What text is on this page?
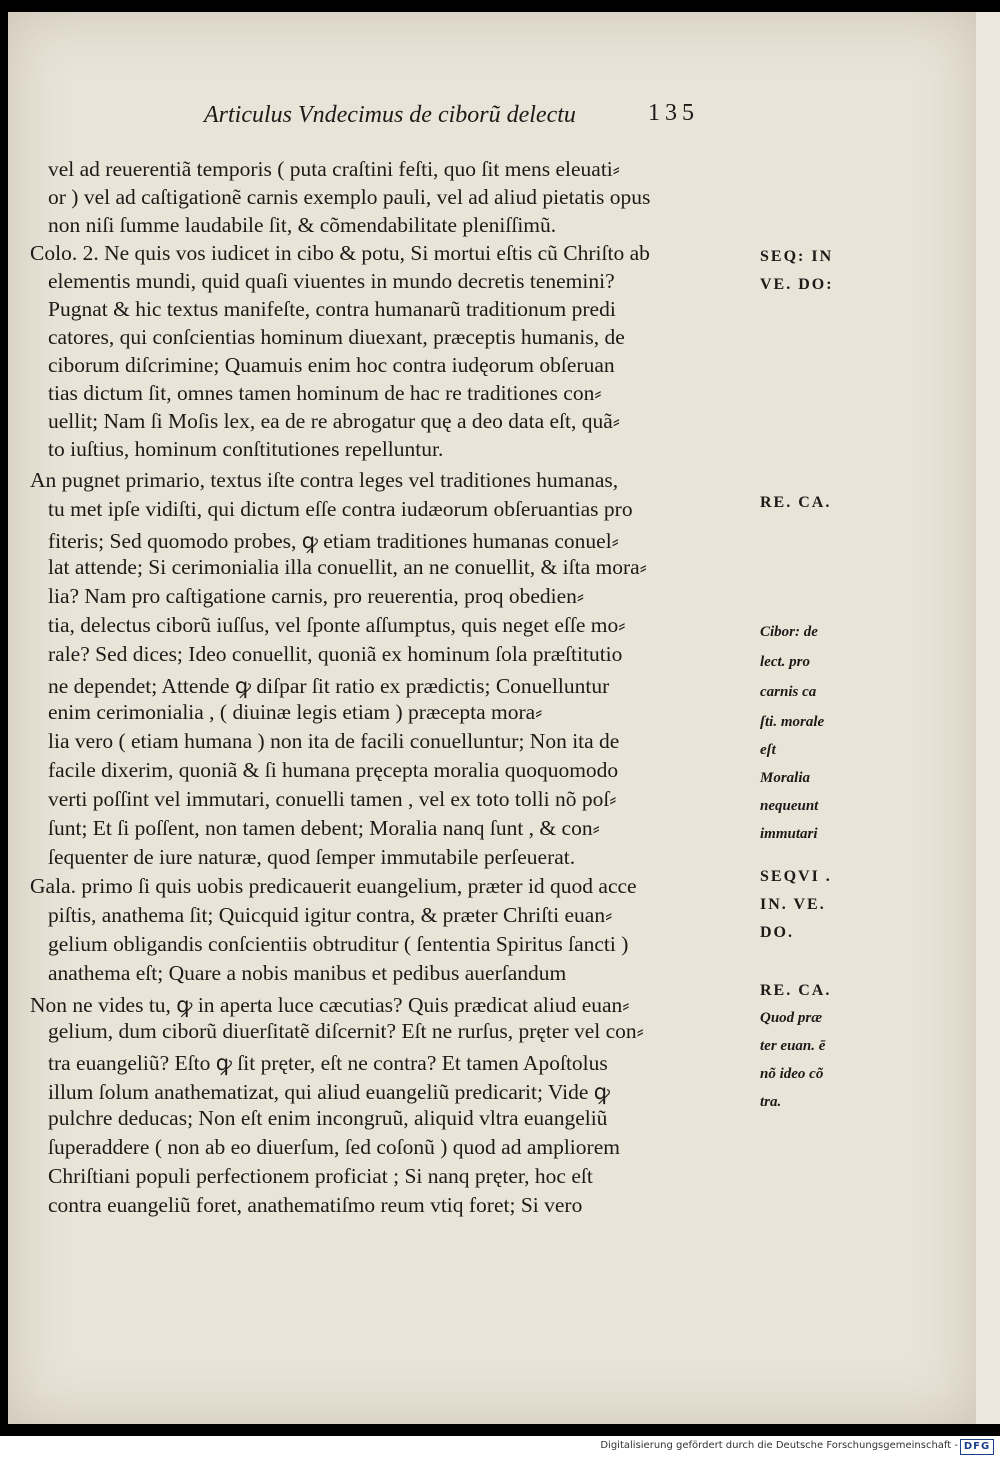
Articulus Vndecimus de ciborũ delectu	135
vel ad reuerentiã temporis ( puta craſtini feſti, quo ſit mens eleuati⸗
or ) vel ad caſtigationẽ carnis exemplo pauli, vel ad aliud pietatis opus
non niſi ſumme laudabile ſit, & cõmendabilitate pleniſſimũ.
Colo. 2. Ne quis vos iudicet in cibo & potu, Si mortui eſtis cũ Chriſto ab
elementis mundi, quid quaſi viuentes in mundo decretis tenemini?
Pugnat & hic textus manifeſte, contra humanarũ traditionum predi
catores, qui conſcientias hominum diuexant, præceptis humanis, de
ciborum diſcrimine; Quamuis enim hoc contra iudęorum obſeruan
tias dictum ſit, omnes tamen hominum de hac re traditiones con⸗
uellit; Nam ſi Moſis lex, ea de re abrogatur quę a deo data eſt, quã⸗
to iuſtius, hominum conſtitutiones repelluntur.
An pugnet primario, textus iſte contra leges vel traditiones humanas,
tu met ipſe vidiſti, qui dictum eſſe contra iudæorum obſeruantias pro
fiteris; Sed quomodo probes, ꝙ etiam traditiones humanas conuel⸗
lat attende; Si cerimonialia illa conuellit, an ne conuellit, & iſta mora⸗
lia? Nam pro caſtigatione carnis, pro reuerentia, proq obedien⸗
tia, delectus ciborũ iuſſus, vel ſponte aſſumptus, quis neget eſſe mo⸗
rale? Sed dices; Ideo conuellit, quoniã ex hominum ſola præſtitutio
ne dependet; Attende ꝙ diſpar ſit ratio ex prædictis; Conuelluntur
enim cerimonialia , ( diuinæ legis etiam ) præcepta mora⸗
lia vero ( etiam humana ) non ita de facili conuelluntur; Non ita de
facile dixerim, quoniã & ſi humana pręcepta moralia quoquomodo
verti poſſint vel immutari, conuelli tamen , vel ex toto tolli nõ poſ⸗
ſunt; Et ſi poſſent, non tamen debent; Moralia nanq ſunt , & con⸗
ſequenter de iure naturæ, quod ſemper immutabile perſeuerat.
Gala. primo ſi quis uobis predicauerit euangelium, præter id quod acce
piſtis, anathema ſit; Quicquid igitur contra, & præter Chriſti euan⸗
gelium obligandis conſcientiis obtruditur ( ſententia Spiritus ſancti )
anathema eſt; Quare a nobis manibus et pedibus auerſandum
Non ne vides tu, ꝙ in aperta luce cæcutias? Quis prædicat aliud euan⸗
gelium, dum ciborũ diuerſitatẽ diſcernit? Eſt ne rurſus, pręter vel con⸗
tra euangeliũ? Eſto ꝙ ſit pręter, eſt ne contra? Et tamen Apoſtolus
illum ſolum anathematizat, qui aliud euangeliũ predicarit; Vide ꝙ
pulchre deducas; Non eſt enim incongruũ, aliquid vltra euangeliũ
ſuperaddere ( non ab eo diuerſum, ſed coſonũ ) quod ad ampliorem
Chriſtiani populi perfectionem proficiat ; Si nanq pręter, hoc eſt
contra euangeliũ foret, anathematiſmo reum vtiq foret; Si vero
SEQ: IN
VE. DO:
RE. CA.
Cibor: de
lect. pro
carnis ca
ſti. morale
eſt
Moralia
nequeunt
immutari
SEQVI .
IN. VE.
DO.
RE. CA.
Quod præ
ter euan. ē
nõ ideo cõ
tra.
Digitalisierung gefördert durch die Deutsche Forschungsgemeinschaft - DFG
